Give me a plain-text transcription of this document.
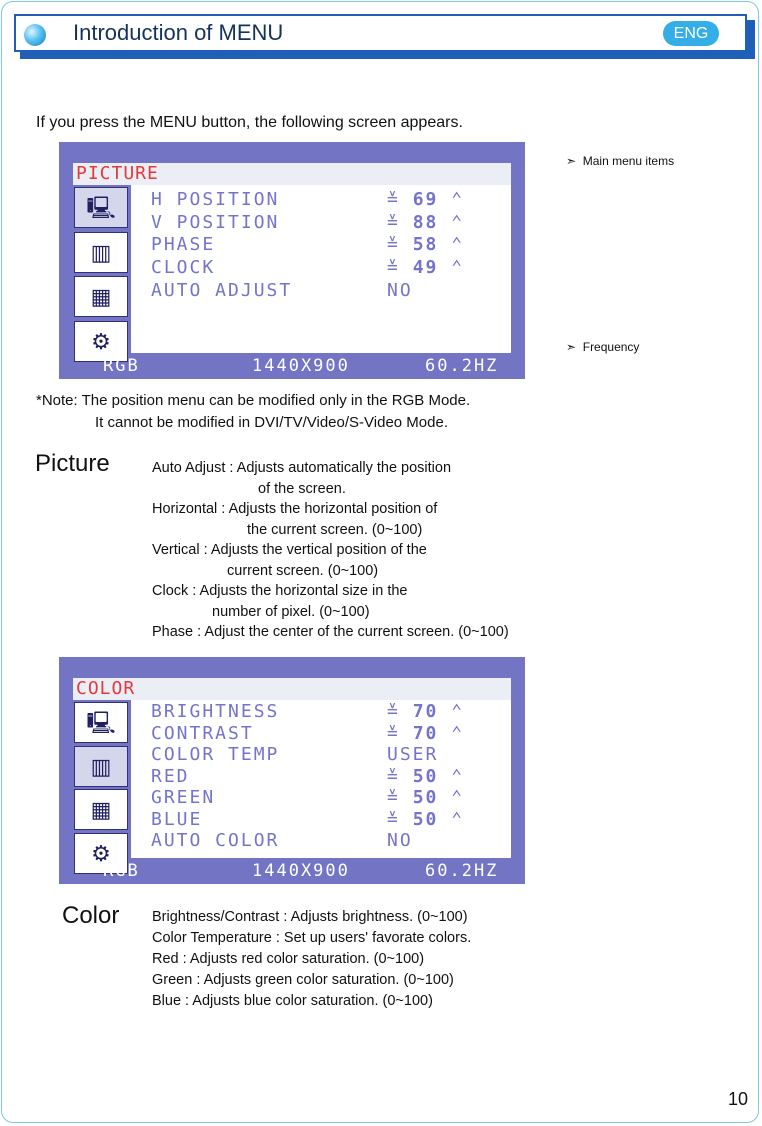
Introduction of MENU	ENG
If you press the MENU button, the following screen appears.
PICTURE
🖳
▥
▦
⚙
H POSITION	≚ 69 ⌃
V POSITION	≚ 88 ⌃
PHASE	≚ 58 ⌃
CLOCK	≚ 49 ⌃
AUTO ADJUST	NO
RGB	1440X900	60.2HZ
➣ Main menu items
➣ Frequency
*Note: The position menu can be modified only in the RGB Mode.
It cannot be modified in DVI/TV/Video/S-Video Mode.
Picture	Auto Adjust : Adjusts automatically the position
of the screen.
Horizontal : Adjusts the horizontal position of
the current screen. (0~100)
Vertical : Adjusts the vertical position of the
current screen. (0~100)
Clock : Adjusts the horizontal size in the
number of pixel. (0~100)
Phase : Adjust the center of the current screen. (0~100)
COLOR
🖳
▥
▦
⚙
BRIGHTNESS	≚ 70 ⌃
CONTRAST	≚ 70 ⌃
COLOR TEMP	USER
RED	≚ 50 ⌃
GREEN	≚ 50 ⌃
BLUE	≚ 50 ⌃
AUTO COLOR	NO
RGB	1440X900	60.2HZ
Color Brightness/Contrast : Adjusts brightness. (0~100)
Color Temperature : Set up users' favorate colors.
Red : Adjusts red color saturation. (0~100)
Green : Adjusts green color saturation. (0~100)
Blue : Adjusts blue color saturation. (0~100)
10
